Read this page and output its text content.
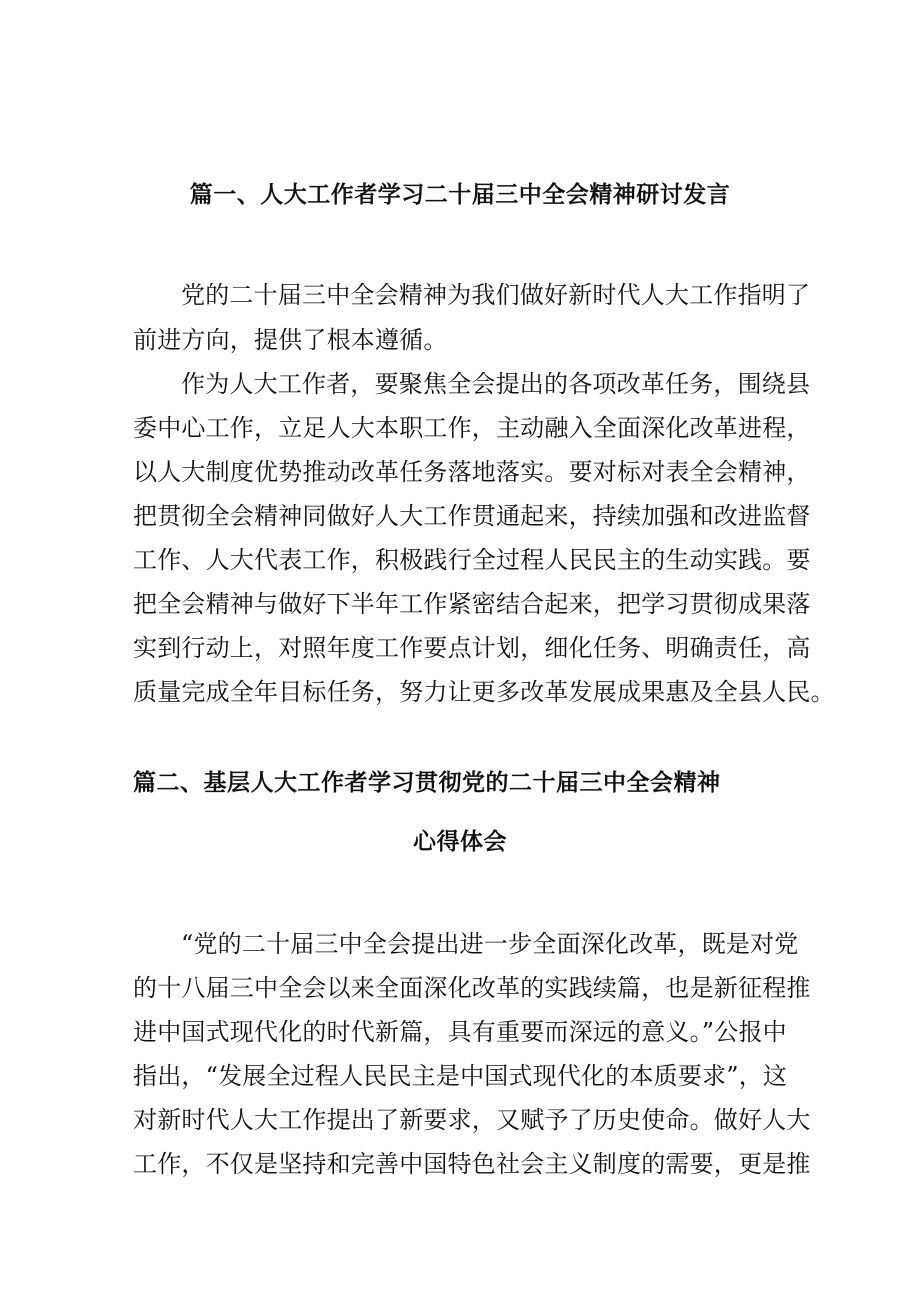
篇一、人大工作者学习二十届三中全会精神研讨发言

党的二十届三中全会精神为我们做好新时代人大工作指明了

前进方向，提供了根本遵循。

作为人大工作者，要聚焦全会提出的各项改革任务，围绕县

委中心工作，立足人大本职工作，主动融入全面深化改革进程，

以人大制度优势推动改革任务落地落实。要对标对表全会精神，

把贯彻全会精神同做好人大工作贯通起来，持续加强和改进监督

工作、人大代表工作，积极践行全过程人民民主的生动实践。要

把全会精神与做好下半年工作紧密结合起来，把学习贯彻成果落

实到行动上，对照年度工作要点计划，细化任务、明确责任，高

质量完成全年目标任务，努力让更多改革发展成果惠及全县人民。

篇二、基层人大工作者学习贯彻党的二十届三中全会精神
心得体会

“党的二十届三中全会提出进一步全面深化改革，既是对党

的十八届三中全会以来全面深化改革的实践续篇，也是新征程推

进中国式现代化的时代新篇，具有重要而深远的意义。”公报中

指出，“发展全过程人民民主是中国式现代化的本质要求”，这

对新时代人大工作提出了新要求，又赋予了历史使命。做好人大

工作，不仅是坚持和完善中国特色社会主义制度的需要，更是推
